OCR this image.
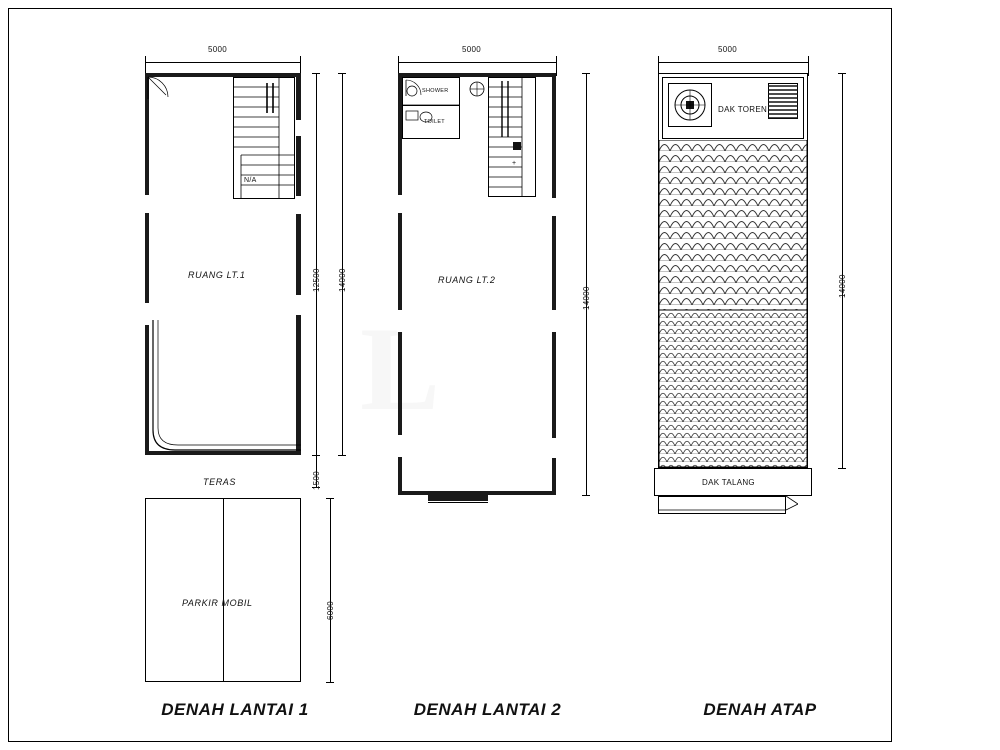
L
5000
N/A
RUANG LT.1
TERAS
PARKIR MOBIL
14000
12500
1500
6000
DENAH LANTAI 1
5000
SHOWER
TOILET
+
RUANG LT.2
14000
DENAH LANTAI 2
5000
DAK TOREN
DAK TALANG
14000
DENAH ATAP
